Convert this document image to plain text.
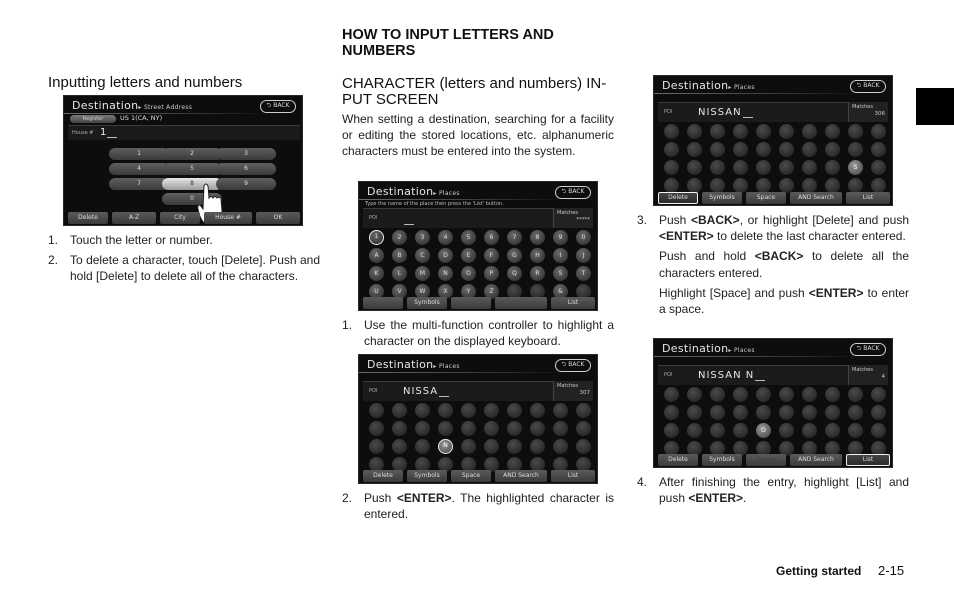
HOW TO INPUT LETTERS AND
NUMBERS
Inputting letters and numbers
Destination▸ Street Address	⮌ BACK
Register	US 1(CA, NY)
House # 1
1	2	3
4	5	6
7	8	9
0
Delete	A-Z	City	House #	OK
1. Touch the letter or number.
2. To delete a character, touch [Delete]. Push and hold [Delete] to delete all of the characters.
CHARACTER (letters and numbers) IN-
PUT SCREEN
When setting a destination, searching for a facility or editing the stored locations, etc. alphanumeric characters must be entered into the system.
Destination▸ Places	⮌ BACK
Type the name of the place then press the 'List' button.
POI
Matches
*****
1	2	3	4	5	6	7	8	9	0
A	B	C	D	E	F	G	H	I	J
K	L	M	N	O	P	Q	R	S	T
U	V	W	X	Y	Z	&
Symbols	List
1. Use the multi-function controller to highlight a character on the displayed keyboard.
Destination▸ Places	⮌ BACK
POI	NISSA	Matches
307
N
Delete	Symbols	Space	AND Search	List
2. Push <ENTER>. The highlighted character is entered.
Destination▸ Places	⮌ BACK
POI	NISSAN	Matches
306
S
Delete	Symbols	Space	AND Search	List
3. Push <BACK>, or highlight [Delete] and push <ENTER> to delete the last character entered.
Push and hold <BACK> to delete all the characters entered.
Highlight [Space] and push <ENTER> to enter a space.
Destination▸ Places	⮌ BACK
POI	NISSAN N	Matches
4
O
Delete	Symbols	Space	AND Search	List
4. After finishing the entry, highlight [List] and push <ENTER>.
Getting started 2-15
